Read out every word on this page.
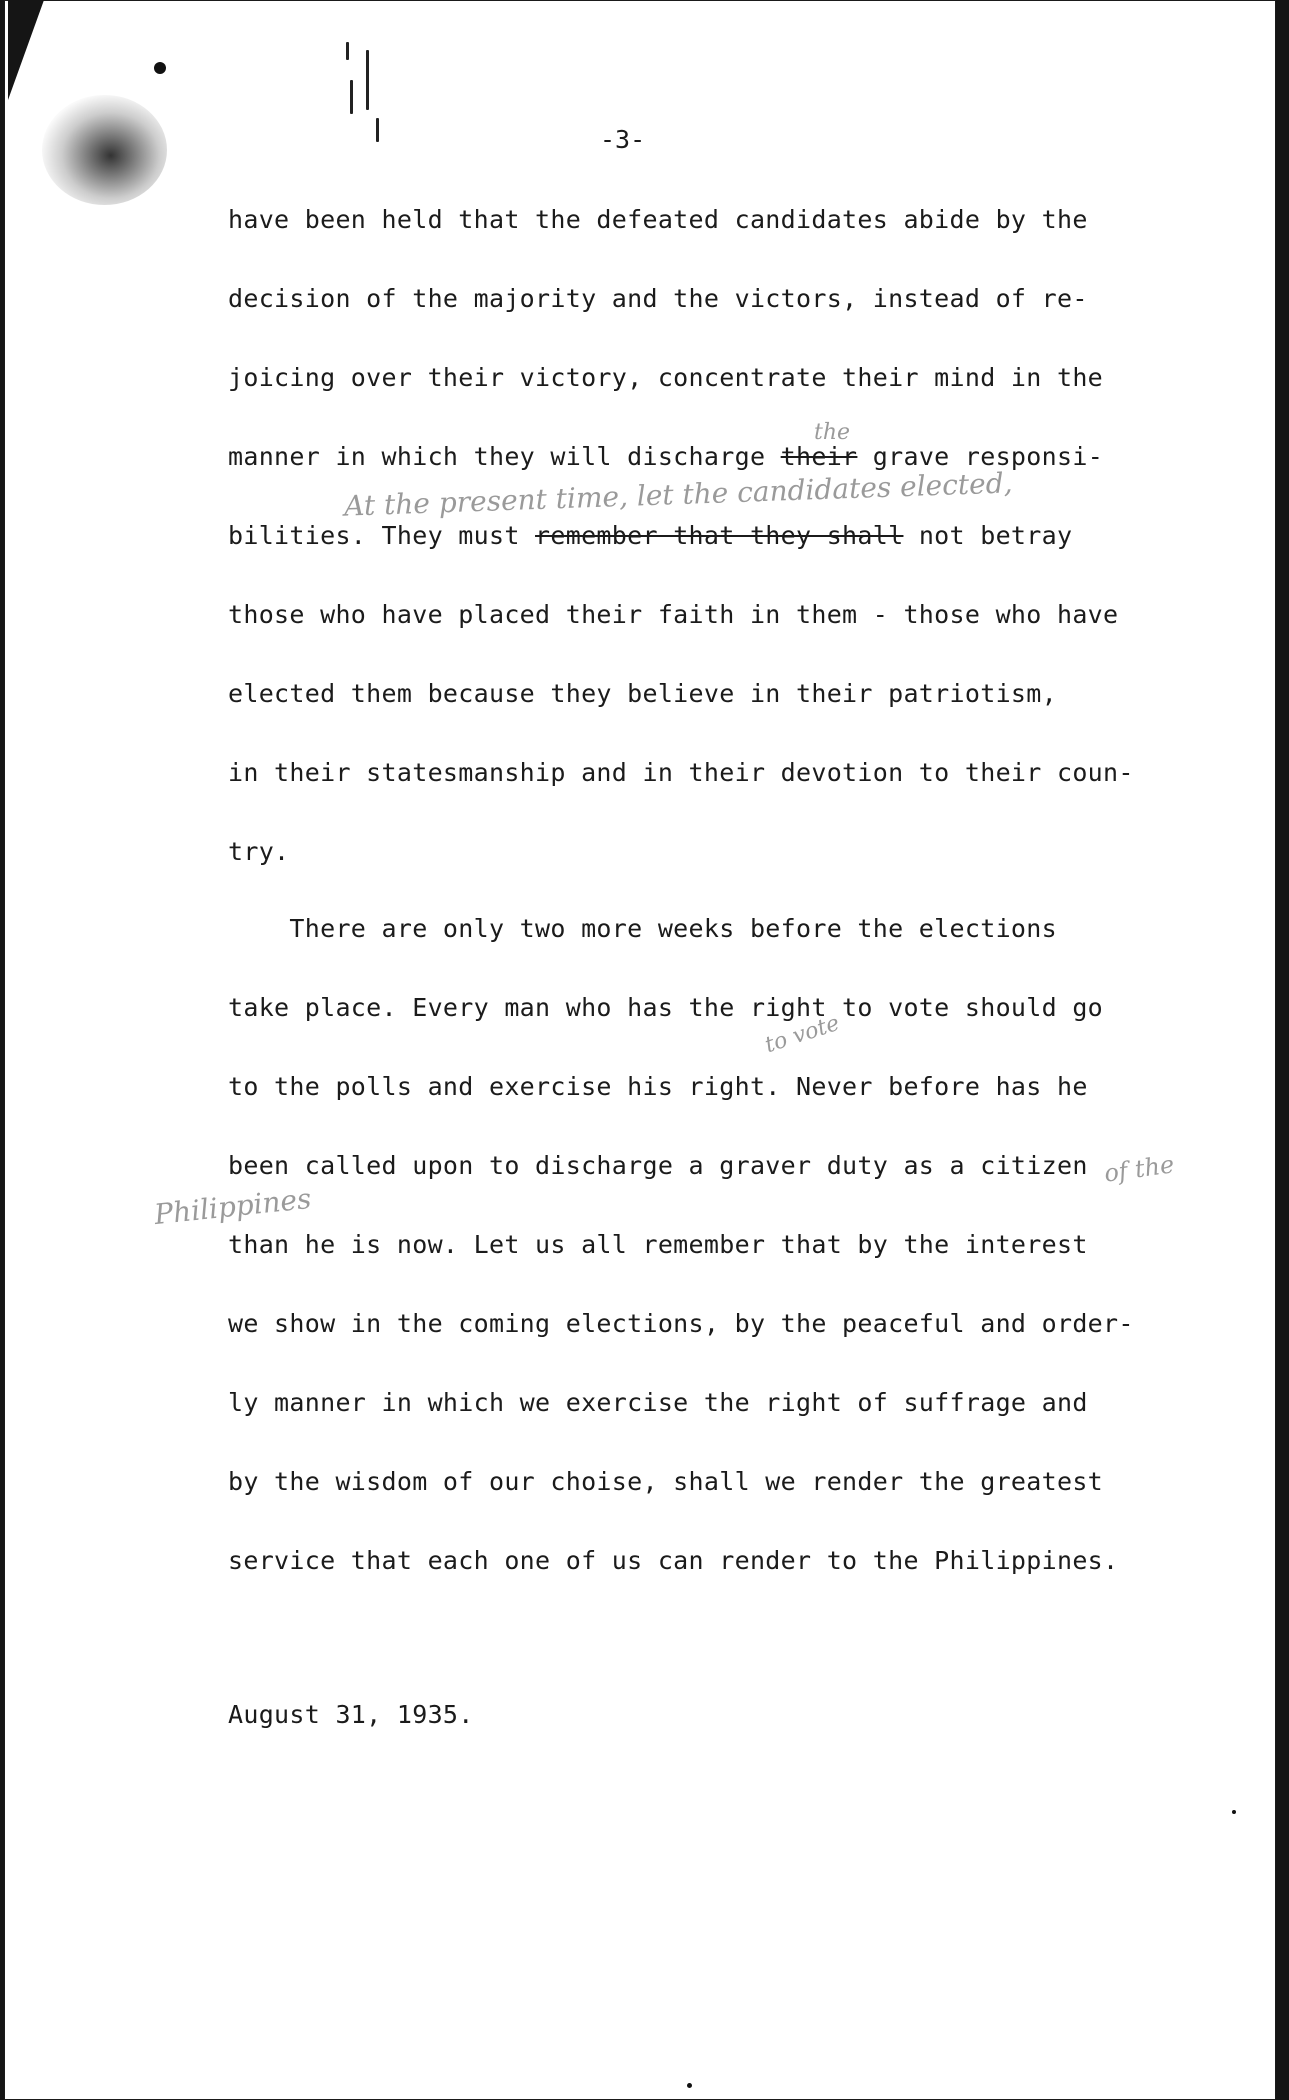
-3-
have been held that the defeated candidates abide by the
decision of the majority and the victors, instead of re-
joicing over their victory, concentrate their mind in the
manner in which they will discharge their grave responsi-
bilities. They must remember that they shall not betray
those who have placed their faith in them - those who have
elected them because they believe in their patriotism,
in their statesmanship and in their devotion to their coun-
try.
There are only two more weeks before the elections
take place. Every man who has the right to vote should go
to the polls and exercise his right. Never before has he
been called upon to discharge a graver duty as a citizen
than he is now. Let us all remember that by the interest
we show in the coming elections, by the peaceful and order-
ly manner in which we exercise the right of suffrage and
by the wisdom of our choise, shall we render the greatest
service that each one of us can render to the Philippines.
August 31, 1935.
the
At the present time, let the candidates elected,
to vote
of the
Philippines
